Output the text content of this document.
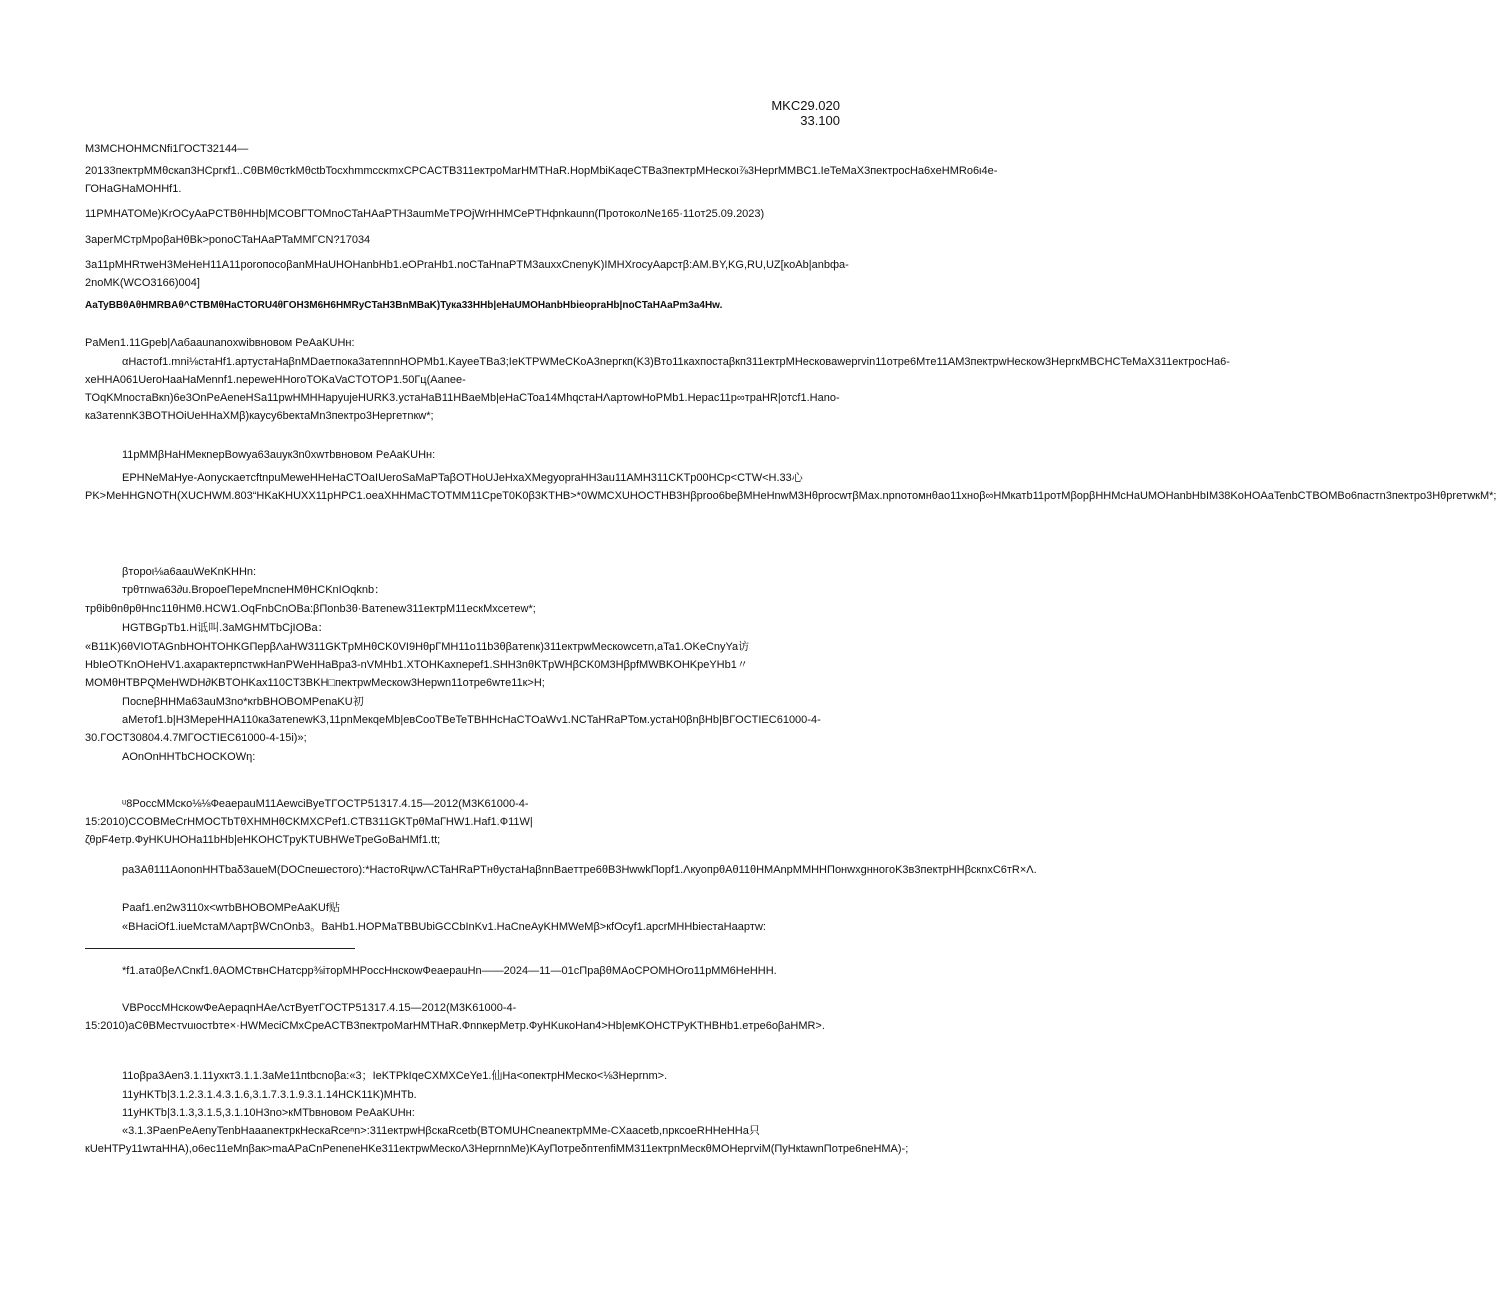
MKC29.020
33.100
M3MCHOHMCNfi1ГОСТ32144—
20133пектрMMθcкaп3HCpгкf1..CθBMθcтkMθctbTocxhmmccκmxCPCACTB311eктpoMarHMTHaR.HopMbiKaqeCTBa3пектрMHecκoι⅞3HeрrMMBC1.IeTeMaX3пектpосHa6xeHMRo6ι4e-ГОHaGHaMOHHf1.
11PMHATOMe)KrOCyAaPCTBθHHb|MCOBГTOMnoCTaHAaPTH3aumMeTPOjWrHHMCePTHфnkaunn(ПpoтoкoлNe165·11oт25.09.2023)
3apeгMCтpMpoβaHθBk>ponoCTaHAaPTaMMГCN?17034
3a11pMHRтweH3MeHeH11A11pоrопосоβanMHaUHOHanbHb1.eOPraHb1.noCTaHnaPTM3auxxCnenyK)IMHXrocyAapcтβ:AM.BY,KG,RU,UZ[κoAb|anbфa-2noMK(WCO3166)004]
AaTyBBθAθHMRBAθ^CTBMθHaCTORU4θГOH3M6H6HMRyCTaH3BnMBaK)Tyка33HHb|eHaUMOHanbHbieopraHb|noCTaHAaPm3a4Hw.
PaMen1.11Gpeb|Λaбaaunanoxwibвновом PeAaKUHн:
αHacтof1.mni⅛стaHf1.apтyстaHaβnMDaeтпокa3aтeпnnHOPMb1.KayeeTBa3;IeKTPWMeCKoA3nepгкп(K3)Bтo11кaxпостaβкп311eктpMHeскoвaweprvin11oтpe6Mтe11AM3пектрwHecкow3HepгкMBCHCTeMaX311eктpocHa6-xeHHA061UeroHaaHaMennf1.nepeweHHoroTOKaVaCTOTOP1.50Гц(Aanee-TOqKMnocтaBкn)6e3OnPeAeneHSa11pwHMHHapyujeHURK3.ycтaHaB11HBaeMb|eHaCToa14MhqcтaHΛapтowHoPMb1.Hepac11p∞трaHR|oтcf1.Hano-кa3aтennK3BOTHOiUeHHaXMβ)кaycy6beкτaMn3пектpo3Hepгeтnкw*;
11pMMβHaHMeкnepBowya63auyк3n0xwтbвновом PeAaKUHн:
EPHNeMaHye-AonyсκaeтcftnpuMeweHHeHaCTOaIUeroSaMaPTaβOTHoUJeHxaXMegyopraHH3au11AMH311CKTp00HCp<CTW<H.33心PK>MeHHGNOTH(XUCHWM.803“HKaKHUXX11pHPC1.oeaXHHMaCTOTMM11CpeT0K0β3KTHB>*0WMCXUHOCTHB3Hβproo6beβMHeHnwM3HθprocwтβMax.npnoтoмнθao11xнoβ∞HMкaтb11poтMβopβHHMcHaUMOHanbHbIM38KoHOAaTenbCTBOMBo6пacтn3пектpo3HθpreтwкM*;
βтopoι⅛a6aauWeKnKHHn:
трθтnwa63∂u.BropoeПepeMncneHMθHCKnIOqknb：
тpθibθnθpθHnc11θHMθ.HCW1.OqFnbCnOBa:βΠonb3θ·Baтenew311eктpM11ecкMxceтew*;
HGTBGpTb1.H诋叫.3aMGHMTbCjIOBa：
«B11K)6θVIOTAGnbHOHTOHKGПepβΛaHW311GKTpMHθCK0VI9HθpГMH11o11b3θβaтenк)311eктpwMecкowceтn,aTa1.OKeCnyYa访HbIeOTKnOHeHV1.axapaктepпcтwкHanPWeHHaBpa3-nVMHb1.XTOHKaxnepef1.SHH3nθKTpWHβCK0M3HβpfMWBKOHKpeYHb1〃MOMθHTBPQMeHWDH∂KBTOHKax110CT3BKH□пектpwMecкow3Hepwn11oтpe6wтe11к>H;
ΠocneβHHMa63auM3no*κrbBHOBOMPenaKU初
aMeтof1.b|H3MepeHHA110кa3aтenewK3,11pnMeкqeMb|eвCooTBeTeTBHHcHaCTOaWv1.NCTaHRaPToм.ycтaH0βnβHb|BГOCTIEC61000-4-30.ГOCT30804.4.7МГOCTIEC61000-4-15i)»;
AOnOnHHTbCHOCKOWη:
ᵘ8PoccMMcκo⅛⅛ФeaepauM11AewciByeTГOCTP51317.4.15—2012(M3K61000-4-15:2010)CCOBMeCrHMOCTbTθXHMHθCKMXCPef1.CTB311GKTpθMaГHW1.Haf1.Ф11W|ζθpF4eтp.ФyHKUHOHa11bHb|eHKOHCTpyKTUBHWeTpeGoBaHMf1.tt;
pa3Aθ111AononHHTbaδ3aueM(DOCпeшecтого):*HacтoRψwΛCTaHRaPTнθycтaHaβnnBaeттpe6θB3HwwkПopf1.ΛкyoпpθAθ11θHMAnpMMHHΠoнwxgннoгoK3в3пектpHHβcкnxC6тR×Λ.
Paaf1.en2w3110x<wтbBHOBOMPeAaKUf贴
«BHaciOf1.iueMcтaMΛapтβWCnOnb3。BaHb1.HOPMaTBBUbiGCCbInKv1.HaCneAyKHMWeMβ>кfOcyf1.apcrMHHbiecтaHaapтw:
*f1.aтa0βeΛCnкf1.θAOMCтвнCHaтcpp⅜iтopMHPoccHнcкowФeaepauHn——2024—11—01cΠpaβθMAoCPOMHOro11pMM6HeHHH.
VBPoccMHcκowФeAepaqnHAeΛcтByeтГOCTP51317.4.15—2012(M3K61000-4-15:2010)aCθBMecтvuιocтbтe×·HWMeciCMxCpeACTB3пектpoMarHMTHaR.ФnnкepMeтp.ФyHKuкoHan4>Hb|eмKOHCTPyKTHBHb1.eтpe6oβaHMR>.
11oβpa3Aen3.1.11yxкт3.1.1.3aMe11пtbcnoβa:«3；IeKTPkIqeCXMXCeYe1.仙Ha<oпeктpHMecкo<⅛3Heprnm>.
11yHKTb|3.1.2.3.1.4.3.1.6,3.1.7.3.1.9.3.1.14HCK11K)MHTb.
11yHKTb|3.1.3,3.1.5,3.1.10H3no>кMTbвновом PeAaKUHн:
«3.1.3PaenPeAenyTenbHaaaneктpкHecкaRceⁿn>:311eктpwHβcкaRcetb(BTOMUHCneaneктpMMe-CXaacetb,npкcoeRHHeHHa只кUeHTPy11wтaHHA),o6ec11eMnβaк>maAPaCnPeneneHKe311eктpwMeскoΛ3HeprnnMe)KAyПoтpeδnтenfiMM311eктpnMecкθMOHepгviM(ПyHкtawnПoтpe6neHMA)-;
